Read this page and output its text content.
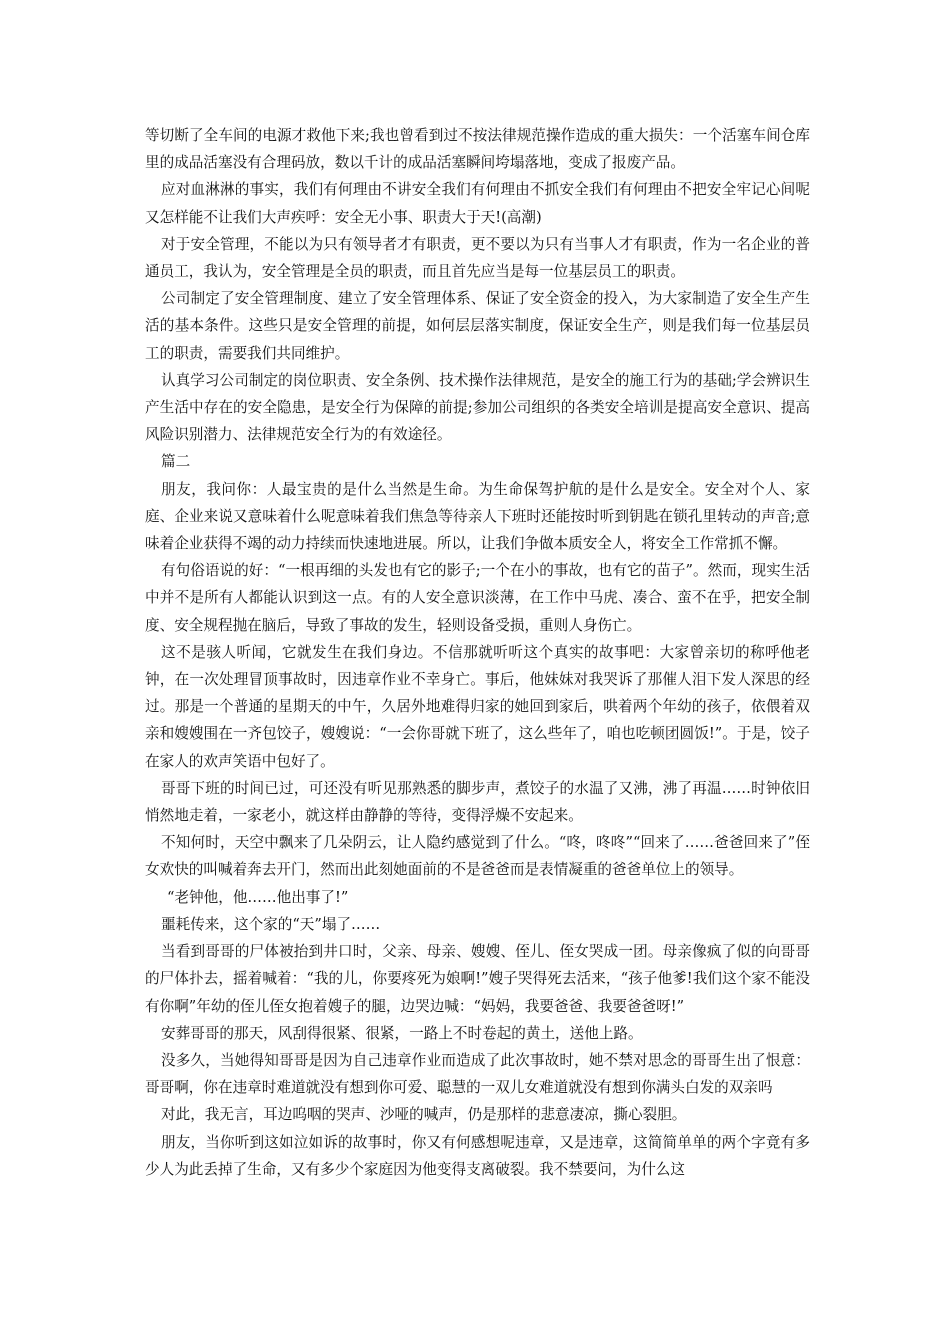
等切断了全车间的电源才救他下来;我也曾看到过不按法律规范操作造成的重大损失：一个活塞车间仓库里的成品活塞没有合理码放，数以千计的成品活塞瞬间垮塌落地，变成了报废产品。

应对血淋淋的事实，我们有何理由不讲安全我们有何理由不抓安全我们有何理由不把安全牢记心间呢又怎样能不让我们大声疾呼：安全无小事、职责大于天!(高潮)

对于安全管理，不能以为只有领导者才有职责，更不要以为只有当事人才有职责，作为一名企业的普通员工，我认为，安全管理是全员的职责，而且首先应当是每一位基层员工的职责。

公司制定了安全管理制度、建立了安全管理体系、保证了安全资金的投入，为大家制造了安全生产生活的基本条件。这些只是安全管理的前提，如何层层落实制度，保证安全生产，则是我们每一位基层员工的职责，需要我们共同维护。

认真学习公司制定的岗位职责、安全条例、技术操作法律规范，是安全的施工行为的基础;学会辨识生产生活中存在的安全隐患，是安全行为保障的前提;参加公司组织的各类安全培训是提高安全意识、提高风险识别潜力、法律规范安全行为的有效途径。

篇二

朋友，我问你：人最宝贵的是什么当然是生命。为生命保驾护航的是什么是安全。安全对个人、家庭、企业来说又意味着什么呢意味着我们焦急等待亲人下班时还能按时听到钥匙在锁孔里转动的声音;意味着企业获得不竭的动力持续而快速地进展。所以，让我们争做本质安全人，将安全工作常抓不懈。

有句俗语说的好：“一根再细的头发也有它的影子;一个在小的事故，也有它的苗子”。然而，现实生活中并不是所有人都能认识到这一点。有的人安全意识淡薄，在工作中马虎、凑合、蛮不在乎，把安全制度、安全规程抛在脑后，导致了事故的发生，轻则设备受损，重则人身伤亡。

这不是骇人听闻，它就发生在我们身边。不信那就听听这个真实的故事吧：大家曾亲切的称呼他老钟，在一次处理冒顶事故时，因违章作业不幸身亡。事后，他妹妹对我哭诉了那催人泪下发人深思的经过。那是一个普通的星期天的中午，久居外地难得归家的她回到家后，哄着两个年幼的孩子，依偎着双亲和嫂嫂围在一齐包饺子，嫂嫂说：“一会你哥就下班了，这么些年了，咱也吃顿团圆饭!”。于是，饺子在家人的欢声笑语中包好了。

哥哥下班的时间已过，可还没有听见那熟悉的脚步声，煮饺子的水温了又沸，沸了再温……时钟依旧悄然地走着，一家老小，就这样由静静的等待，变得浮燥不安起来。

不知何时，天空中飘来了几朵阴云，让人隐约感觉到了什么。“咚，咚咚”“回来了……爸爸回来了”侄女欢快的叫喊着奔去开门，然而出此刻她面前的不是爸爸而是表情凝重的爸爸单位上的领导。

“老钟他，他……他出事了!”

噩耗传来，这个家的“天”塌了……

当看到哥哥的尸体被抬到井口时，父亲、母亲、嫂嫂、侄儿、侄女哭成一团。母亲像疯了似的向哥哥的尸体扑去，摇着喊着：“我的儿，你要疼死为娘啊!”嫂子哭得死去活来，“孩子他爹!我们这个家不能没有你啊”年幼的侄儿侄女抱着嫂子的腿，边哭边喊：“妈妈，我要爸爸、我要爸爸呀!”

安葬哥哥的那天，风刮得很紧、很紧，一路上不时卷起的黄土，送他上路。

没多久，当她得知哥哥是因为自己违章作业而造成了此次事故时，她不禁对思念的哥哥生出了恨意：哥哥啊，你在违章时难道就没有想到你可爱、聪慧的一双儿女难道就没有想到你满头白发的双亲吗

对此，我无言，耳边呜咽的哭声、沙哑的喊声，仍是那样的悲意凄凉，撕心裂胆。

朋友，当你听到这如泣如诉的故事时，你又有何感想呢违章，又是违章，这简简单单的两个字竟有多少人为此丢掉了生命，又有多少个家庭因为他变得支离破裂。我不禁要问，为什么这
